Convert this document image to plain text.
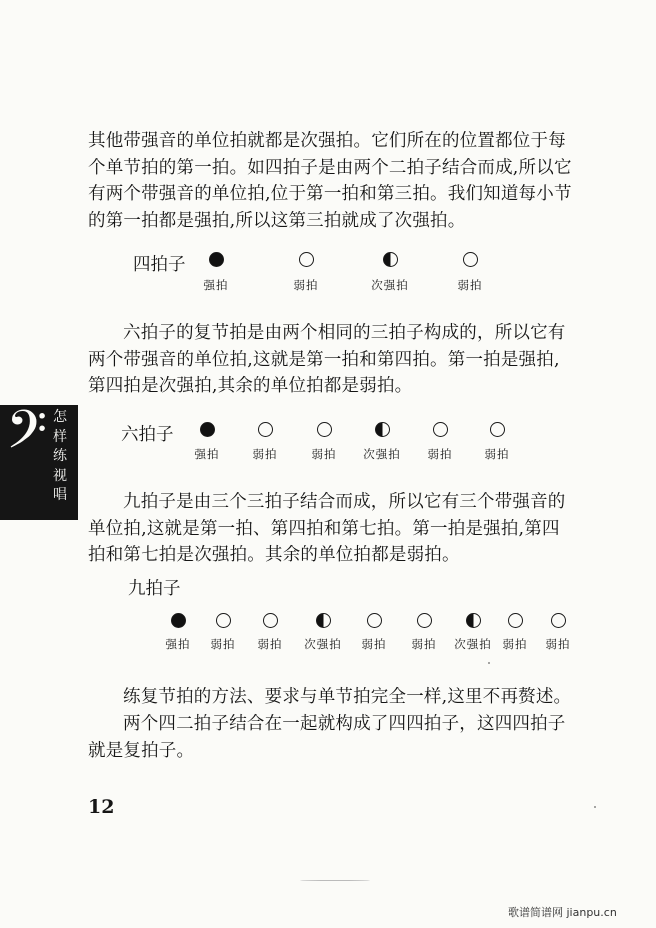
其他带强音的单位拍就都是次强拍。它们所在的位置都位于每
个单节拍的第一拍。如四拍子是由两个二拍子结合而成,所以它
有两个带强音的单位拍,位于第一拍和第三拍。我们知道每小节
的第一拍都是强拍,所以这第三拍就成了次强拍。
四拍子
强拍	弱拍	次强拍	弱拍
六拍子的复节拍是由两个相同的三拍子构成的，所以它有
两个带强音的单位拍,这就是第一拍和第四拍。第一拍是强拍,
第四拍是次强拍,其余的单位拍都是弱拍。
六拍子
强拍	弱拍	弱拍 次强拍 弱拍	弱拍
𝄢 怎
样
练
视
唱	九拍子是由三个三拍子结合而成，所以它有三个带强音的
单位拍,这就是第一拍、第四拍和第七拍。第一拍是强拍,第四
拍和第七拍是次强拍。其余的单位拍都是弱拍。
九拍子
强拍 弱拍 弱拍 次强拍 弱拍 弱拍 次强拍 弱拍 弱拍
练复节拍的方法、要求与单节拍完全一样,这里不再赘述。
两个四二拍子结合在一起就构成了四四拍子，这四四拍子
就是复拍子。
12
歌谱简谱网 jianpu.cn
